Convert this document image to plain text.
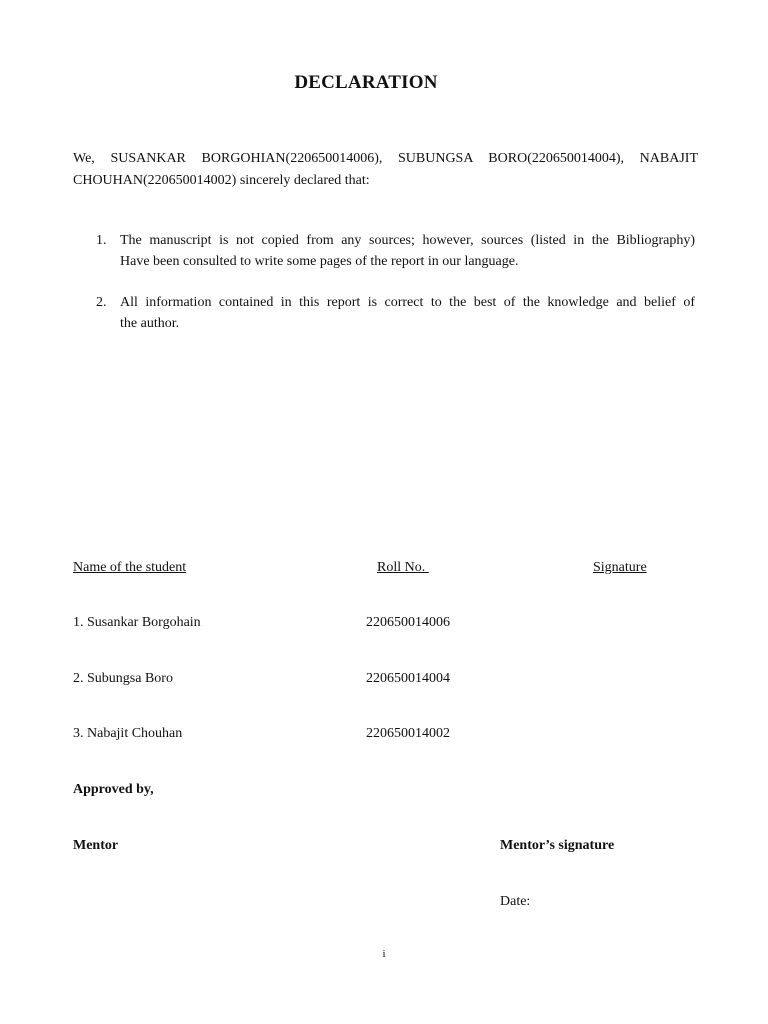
DECLARATION
We, SUSANKAR BORGOHIAN(220650014006), SUBUNGSA BORO(220650014004), NABAJIT
CHOUHAN(220650014002) sincerely declared that:
1. The manuscript is not copied from any sources; however, sources (listed in the Bibliography)
Have been consulted to write some pages of the report in our language.
2. All information contained in this report is correct to the best of the knowledge and belief of
the author.
Name of the student	Roll No.	Signature
1. Susankar Borgohain	220650014006
2. Subungsa Boro	220650014004
3. Nabajit Chouhan	220650014002
Approved by,
Mentor	Mentor’s signature
Date:
i
